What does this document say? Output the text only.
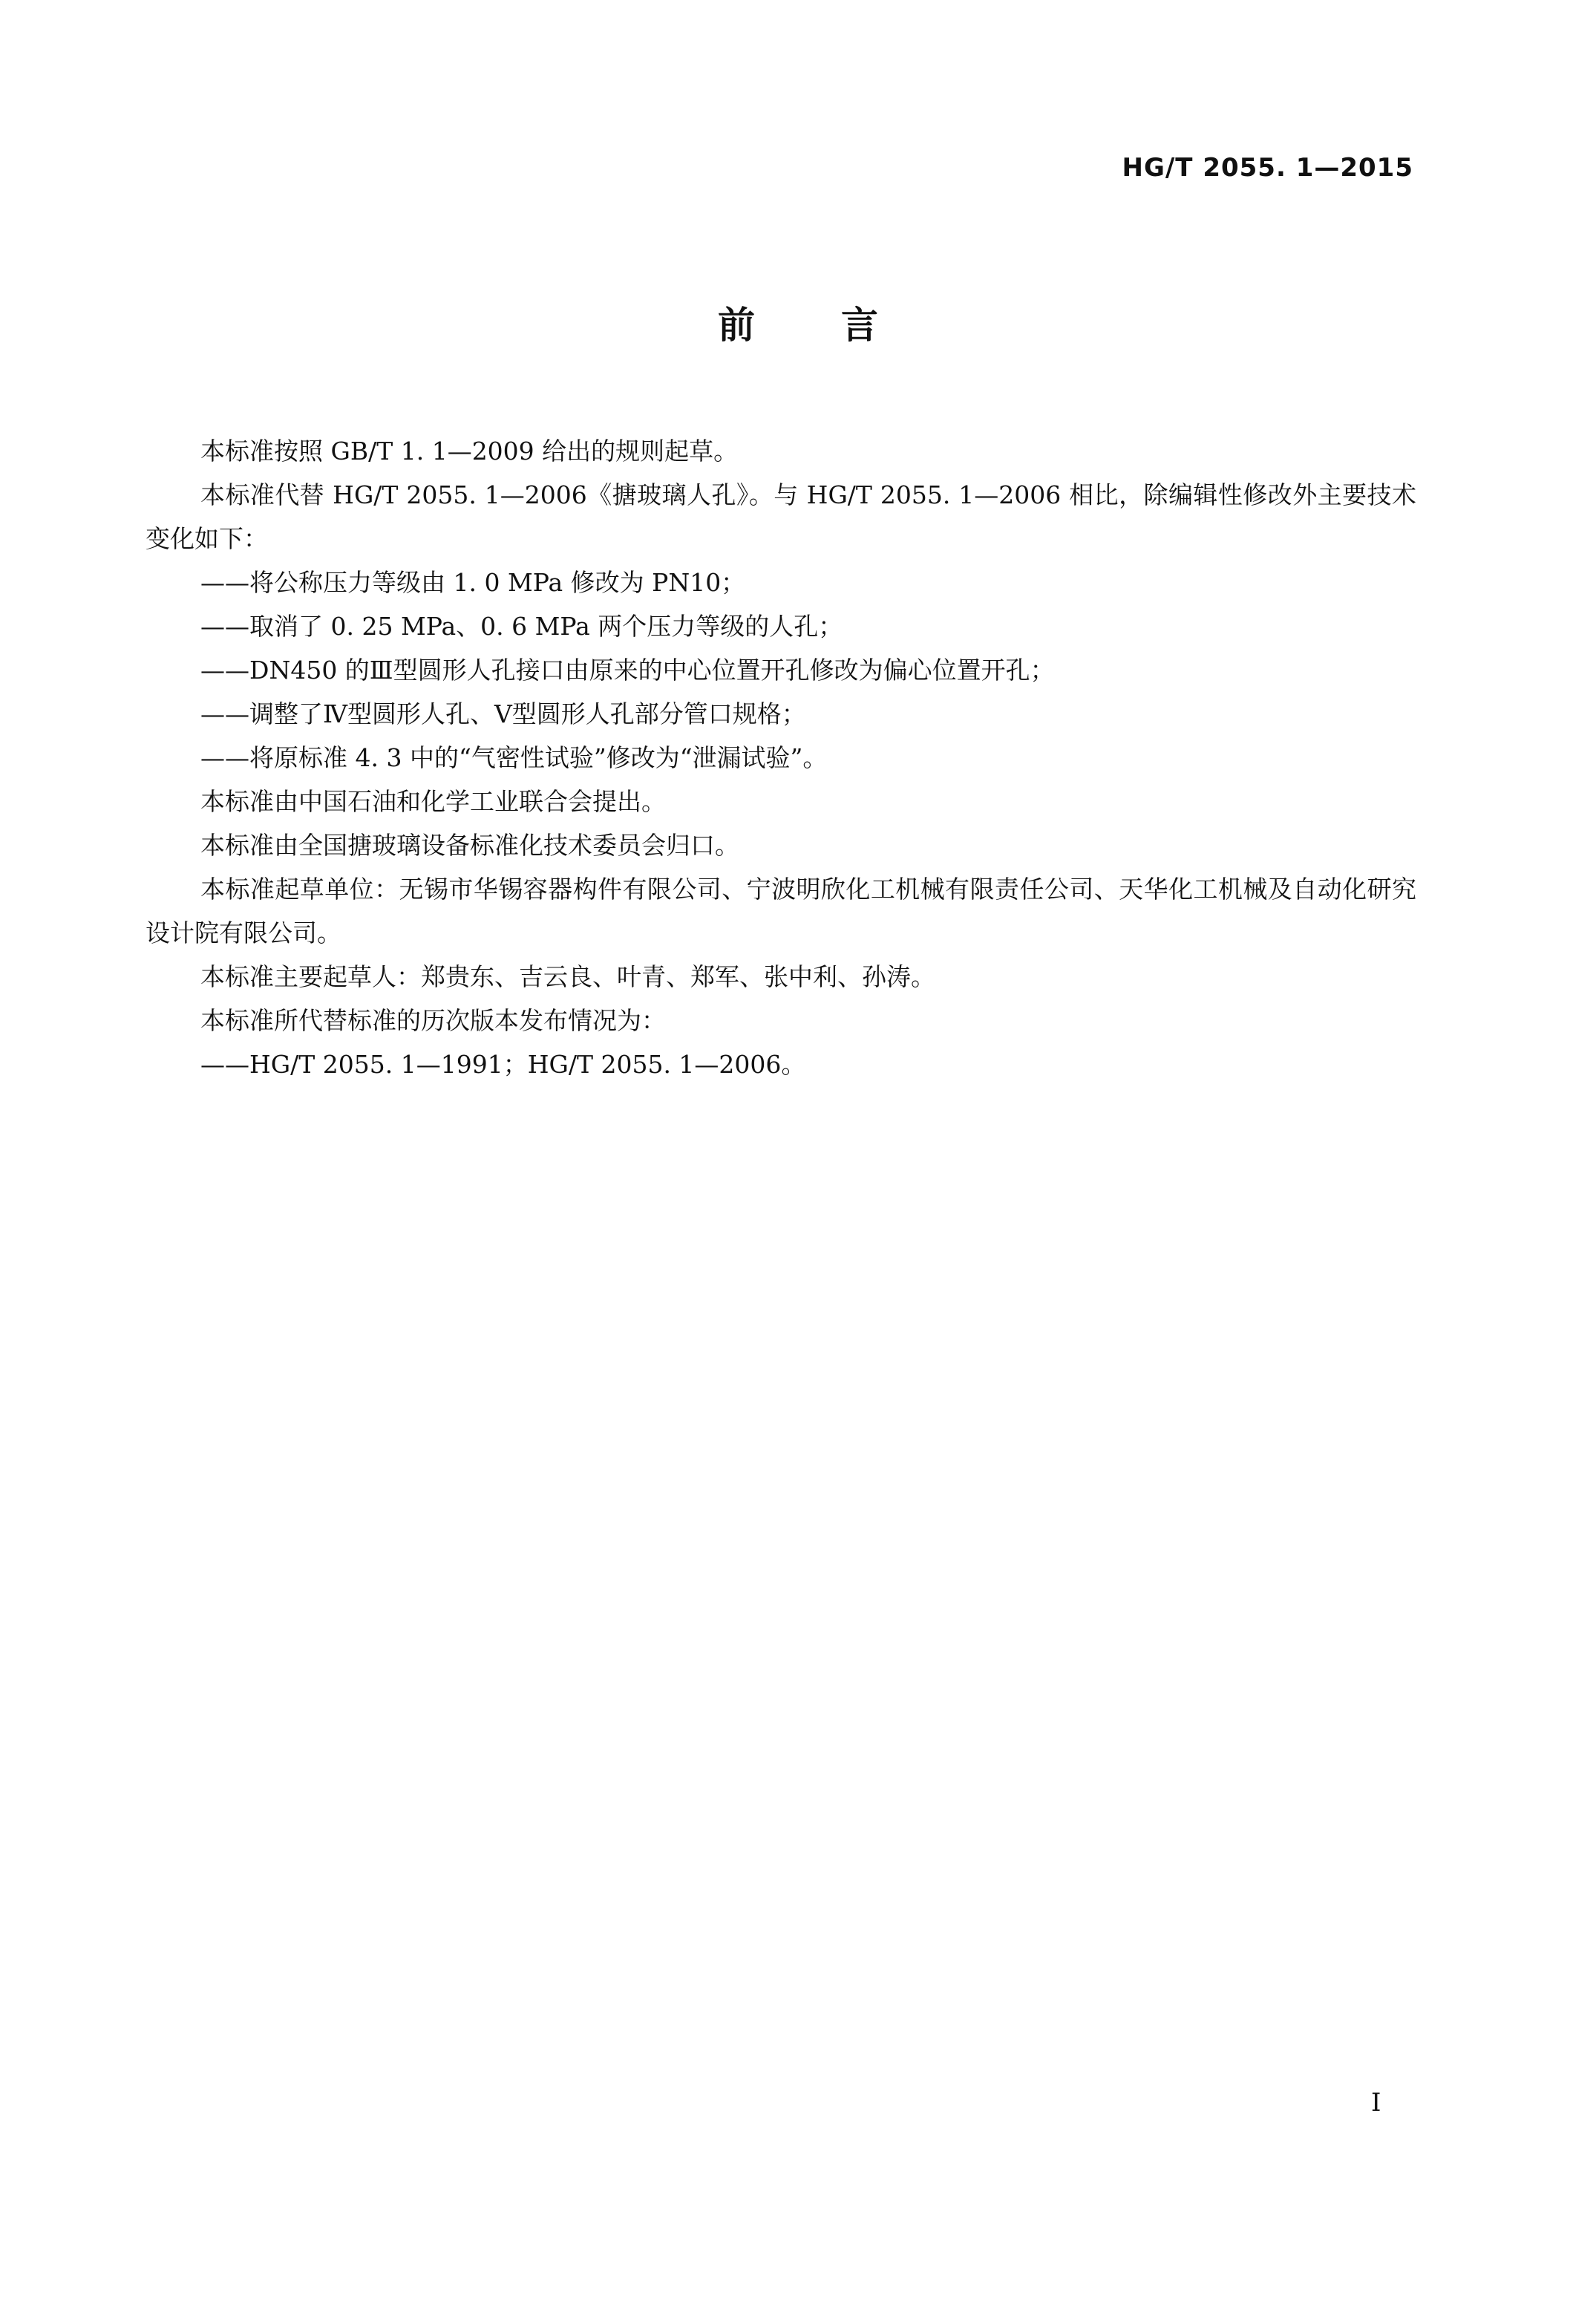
HG/T 2055. 1—2015
前言

本标准按照 GB/T 1. 1—2009 给出的规则起草。

本标准代替 HG/T 2055. 1—2006《搪玻璃人孔》。与 HG/T 2055. 1—2006 相比，除编辑性修改外主要技术变化如下：

——将公称压力等级由 1. 0 MPa 修改为 PN10；

——取消了 0. 25 MPa、0. 6 MPa 两个压力等级的人孔；

——DN450 的Ⅲ型圆形人孔接口由原来的中心位置开孔修改为偏心位置开孔；

——调整了Ⅳ型圆形人孔、Ⅴ型圆形人孔部分管口规格；

——将原标准 4. 3 中的“气密性试验”修改为“泄漏试验”。

本标准由中国石油和化学工业联合会提出。

本标准由全国搪玻璃设备标准化技术委员会归口。

本标准起草单位：无锡市华锡容器构件有限公司、宁波明欣化工机械有限责任公司、天华化工机械及自动化研究设计院有限公司。

本标准主要起草人：郑贵东、吉云良、叶青、郑军、张中利、孙涛。

本标准所代替标准的历次版本发布情况为：

——HG/T 2055. 1—1991；HG/T 2055. 1—2006。

I
